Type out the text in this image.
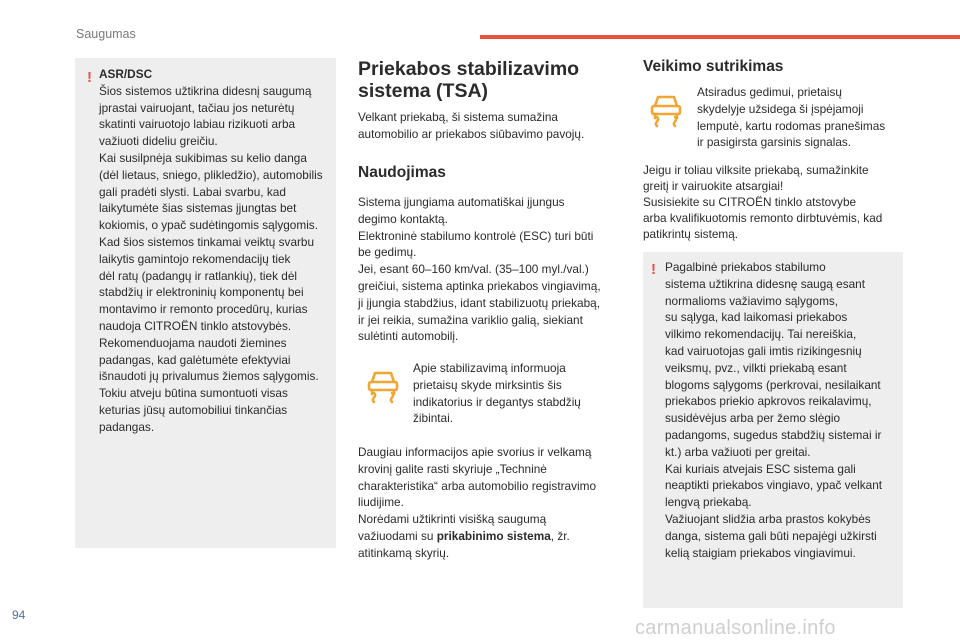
Saugumas
! ASR/DSC
Šios sistemos užtikrina didesnį saugumą
jprastai vairuojant, tačiau jos neturėtų
skatinti vairuotojo labiau rizikuoti arba
važiuoti dideliu greičiu.
Kai susilpnėja sukibimas su kelio danga
(dėl lietaus, sniego, plikledžio), automobilis
gali pradėti slysti. Labai svarbu, kad
laikytumėte šias sistemas įjungtas bet
kokiomis, o ypač sudėtingomis sąlygomis.
Kad šios sistemos tinkamai veiktų svarbu
laikytis gamintojo rekomendacijų tiek
dėl ratų (padangų ir ratlankių), tiek dėl
stabdžių ir elektroninių komponentų bei
montavimo ir remonto procedūrų, kurias
naudoja CITROËN tinklo atstovybės.
Rekomenduojama naudoti žiemines
padangas, kad galėtumėte efektyviai
išnaudoti jų privalumus žiemos sąlygomis.
Tokiu atveju būtina sumontuoti visas
keturias jūsų automobiliui tinkančias
padangas.
Priekabos stabilizavimo
sistema (TSA)
Velkant priekabą, ši sistema sumažina
automobilio ar priekabos siūbavimo pavojų.
Naudojimas
Sistema įjungiama automatiškai įjungus
degimo kontaktą.
Elektroninė stabilumo kontrolė (ESC) turi būti
be gedimų.
Jei, esant 60–160 km/val. (35–100 myl./val.)
greičiui, sistema aptinka priekabos vingiavimą,
ji įjungia stabdžius, idant stabilizuotų priekabą,
ir jei reikia, sumažina variklio galią, siekiant
sulėtinti automobilį.
Apie stabilizavimą informuoja
prietaisų skyde mirksintis šis
indikatorius ir degantys stabdžių
žibintai.
Daugiau informacijos apie svorius ir velkamą
krovinį galite rasti skyriuje „Techninė
charakteristika“ arba automobilio registravimo
liudijime.
Norėdami užtikrinti visišką saugumą
važiuodami su prikabinimo sistema, žr.
atitinkamą skyrių.
Veikimo sutrikimas
Atsiradus gedimui, prietaisų
skydelyje užsidega ši įspėjamoji
lemputė, kartu rodomas pranešimas
ir pasigirsta garsinis signalas.
Jeigu ir toliau vilksite priekabą, sumažinkite
greitį ir vairuokite atsargiai!
Susisiekite su CITROËN tinklo atstovybe
arba kvalifikuotomis remonto dirbtuvėmis, kad
patikrintų sistemą.
! Pagalbinė priekabos stabilumo
sistema užtikrina didesnę saugą esant
normalioms važiavimo sąlygoms,
su sąlyga, kad laikomasi priekabos
vilkimo rekomendacijų. Tai nereiškia,
kad vairuotojas gali imtis rizikingesnių
veiksmų, pvz., vilkti priekabą esant
blogoms sąlygoms (perkrovai, nesilaikant
priekabos priekio apkrovos reikalavimų,
susidėvėjus arba per žemo slėgio
padangoms, sugedus stabdžių sistemai ir
kt.) arba važiuoti per greitai.
Kai kuriais atvejais ESC sistema gali
neaptikti priekabos vingiavo, ypač velkant
lengvą priekabą.
Važiuojant slidžia arba prastos kokybės
danga, sistema gali būti nepajėgi užkirsti
kelią staigiam priekabos vingiavimui.
94
carmanualsonline.info
